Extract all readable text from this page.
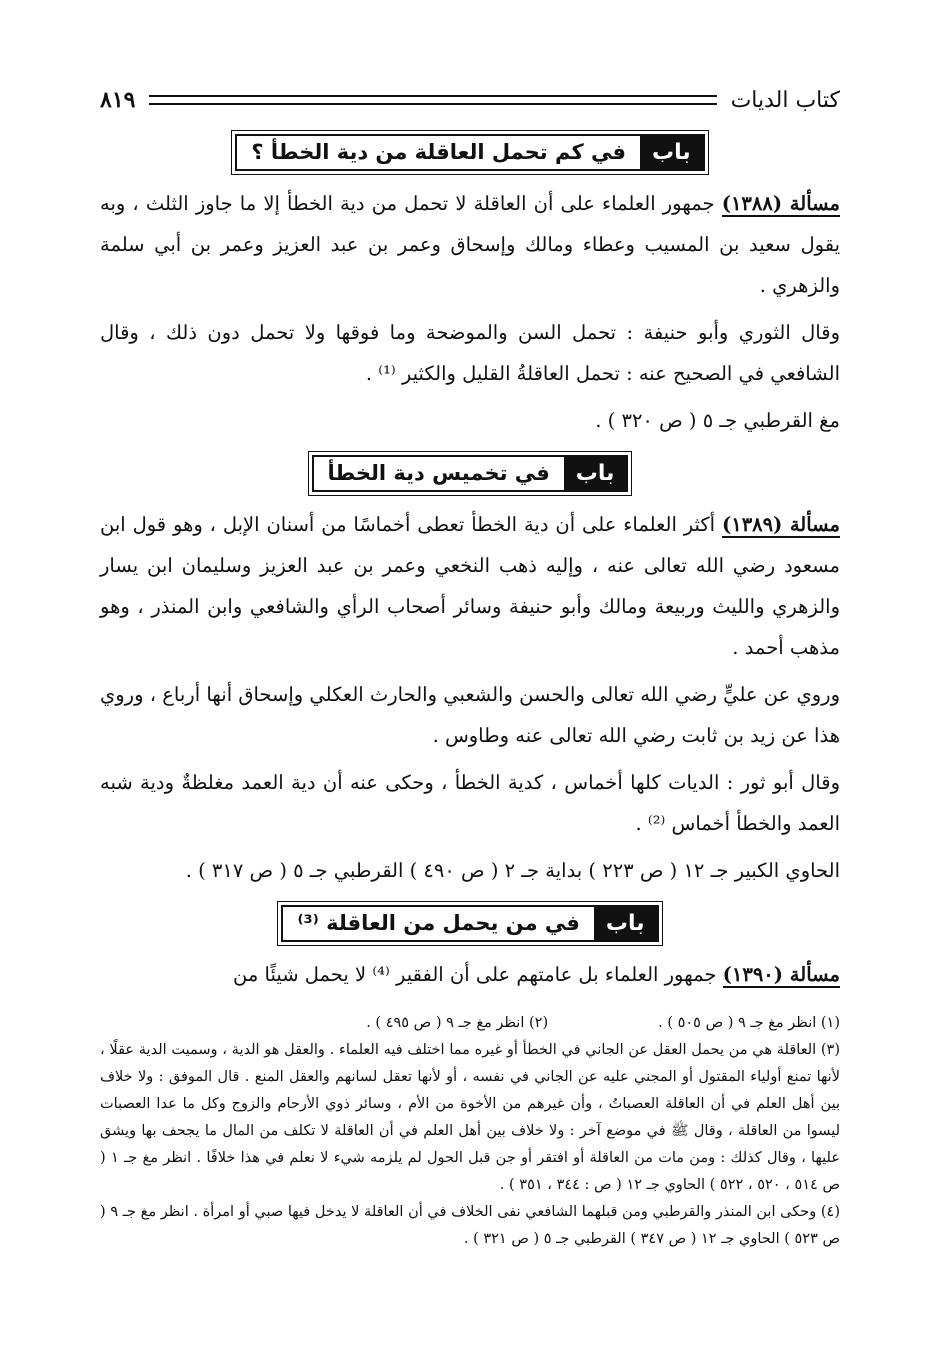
كتاب الديات
٨١٩
باب
في كم تحمل العاقلة من دية الخطأ ؟

مسألة (١٣٨٨) جمهور العلماء على أن العاقلة لا تحمل من دية الخطأ إلا ما جاوز الثلث ، وبه يقول سعيد بن المسيب وعطاء ومالك وإسحاق وعمر بن عبد العزيز وعمر بن أبي سلمة والزهري .

وقال الثوري وأبو حنيفة : تحمل السن والموضحة وما فوقها ولا تحمل دون ذلك ، وقال الشافعي في الصحيح عنه : تحمل العاقلةُ القليل والكثير ⁽¹⁾ .

مغ القرطبي جـ ٥ ( ص ٣٢٠ ) .

باب
في تخميس دية الخطأ

مسألة (١٣٨٩) أكثر العلماء على أن دية الخطأ تعطى أخماسًا من أسنان الإبل ، وهو قول ابن مسعود رضي الله تعالى عنه ، وإليه ذهب النخعي وعمر بن عبد العزيز وسليمان ابن يسار والزهري والليث وربيعة ومالك وأبو حنيفة وسائر أصحاب الرأي والشافعي وابن المنذر ، وهو مذهب أحمد .

وروي عن عليٍّ رضي الله تعالى والحسن والشعبي والحارث العكلي وإسحاق أنها أرباع ، وروي هذا عن زيد بن ثابت رضي الله تعالى عنه وطاوس .

وقال أبو ثور : الديات كلها أخماس ، كدية الخطأ ، وحكى عنه أن دية العمد مغلظةٌ ودية شبه العمد والخطأ أخماس ⁽²⁾ .

الحاوي الكبير جـ ١٢ ( ص ٢٢٣ ) بداية جـ ٢ ( ص ٤٩٠ ) القرطبي جـ ٥ ( ص ٣١٧ ) .

باب
في من يحمل من العاقلة ⁽³⁾

مسألة (١٣٩٠) جمهور العلماء بل عامتهم على أن الفقير ⁽⁴⁾ لا يحمل شيئًا من

(١) انظر مغ جـ ٩ ( ص ٥٠٥ ) .
(٢) انظر مغ جـ ٩ ( ص ٤٩٥ ) .

(٣) العاقلة هي من يحمل العقل عن الجاني في الخطأ أو غيره مما اختلف فيه العلماء . والعقل هو الدية ، وسميت الدية عقلًا ، لأنها تمنع أولياء المقتول أو المجني عليه عن الجاني في نفسه ، أو لأنها تعقل لسانهم والعقل المنع . قال الموفق : ولا خلاف بين أهل العلم في أن العاقلة العصباتُ ، وأن غيرهم من الأخوة من الأم ، وسائر ذوي الأرحام والزوج وكل ما عدا العصبات ليسوا من العاقلة ، وقال ﷺ في موضع آخر : ولا خلاف بين أهل العلم في أن العاقلة لا تكلف من المال ما يجحف بها ويشق عليها ، وقال كذلك : ومن مات من العاقلة أو افتقر أو جن قبل الحول لم يلزمه شيء لا نعلم في هذا خلافًا . انظر مغ جـ ١ ( ص ٥١٤ ، ٥٢٠ ، ٥٢٢ ) الحاوي جـ ١٢ ( ص : ٣٤٤ ، ٣٥١ ) .

(٤) وحكى ابن المنذر والقرطبي ومن قبلهما الشافعي نفى الخلاف في أن العاقلة لا يدخل فيها صبي أو امرأة . انظر مغ جـ ٩ ( ص ٥٢٣ ) الحاوي جـ ١٢ ( ص ٣٤٧ ) القرطبي جـ ٥ ( ص ٣٢١ ) .
